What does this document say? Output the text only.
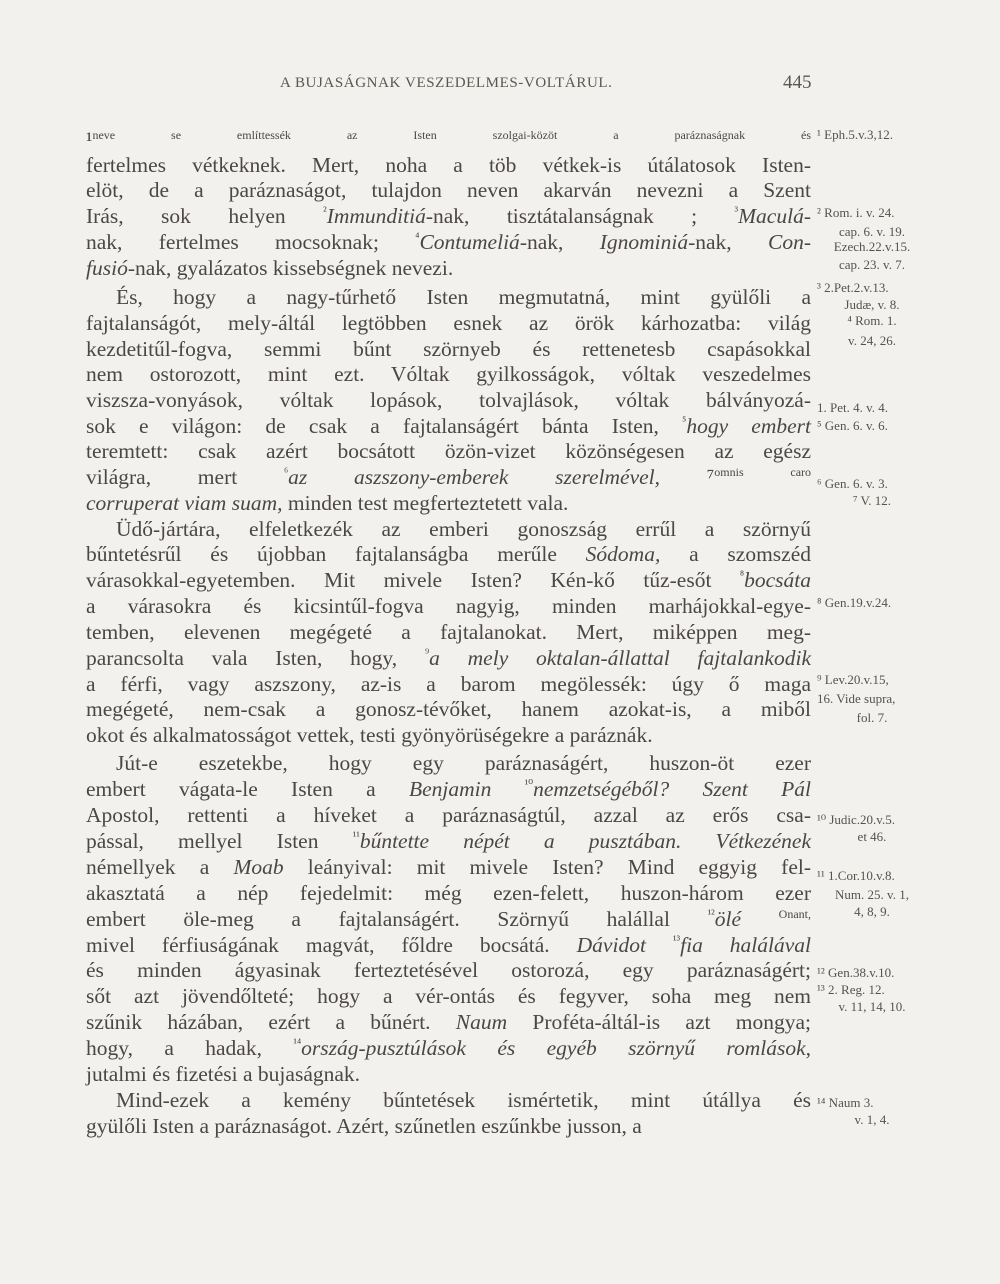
A BUJASÁGNAK VESZEDELMES-VOLTÁRUL.	445
¹$^{neve se említtessék az Isten szolgai-közöt a paráznaságnak és}$
fertelmes vétkeknek. Mert, noha a töb vétkek-is útálatosok Isten-
elöt, de a paráznaságot, tulajdon neven akarván nevezni a Szent
Irás, sok helyen $^{^2}$Immunditiá-nak, tisztátalanságnak ; $^{^3}$Maculá-
nak, fertelmes mocsoknak; $^{^4}$Contumeliá-nak, Ignominiá-nak, Con-
fusió-nak, gyalázatos kissebségnek nevezi.
És, hogy a nagy-tűrhető Isten megmutatná, mint gyülőli a
fajtalanságót, mely-áltál legtöbben esnek az örök kárhozatba: világ
kezdetitűl-fogva, semmi bűnt szörnyeb és rettenetesb csapásokkal
nem ostorozott, mint ezt. Vóltak gyilkosságok, vóltak veszedelmes
viszsza-vonyások, vóltak lopások, tolvajlások, vóltak bálványozá-
sok e világon: de csak a fajtalanságért bánta Isten, $^{^5}$hogy embert
teremtett: csak azért bocsátott özön-vizet közönségesen az egész
világra, mert $^{^6}$az aszszony-emberek szerelmével, ⁷$^{omnis}$	$^{caro}$
corruperat viam suam, minden test megferteztetett vala.
Üdő-jártára, elfeletkezék az emberi gonoszság errűl a szörnyű
bűntetésrűl és újobban fajtalanságba merűle Sódoma, a szomszéd
várasokkal-egyetemben. Mit mivele Isten? Kén-kő tűz-esőt $^{^8}$bocsáta
a várasokra és kicsintűl-fogva nagyig, minden marhájokkal-egye-
temben, elevenen megégeté a fajtalanokat. Mert, miképpen meg-
parancsolta vala Isten, hogy, $^{^9}$a mely oktalan-állattal fajtalankodik
a férfi, vagy aszszony, az-is a barom megölessék: úgy ő maga
megégeté, nem-csak a gonosz-tévőket, hanem azokat-is, a miből
okot és alkalmatosságot vettek, testi gyönyörüségekre a paráznák.
Jút-e eszetekbe, hogy egy paráznaságért, huszon-öt ezer
embert vágata-le Isten a Benjamin	$^{^{10}}$nemzetségéből? Szent Pál
Apostol, rettenti a híveket a paráznaságtúl, azzal az erős csa-
pással, mellyel Isten $^{^{11}}$bűntette népét a pusztában. Vétkezének
némellyek a Moab leányival: mit mivele Isten? Mind eggyig fel-
akasztatá a nép fejedelmit: még ezen-felett, huszon-három ezer
embert öle-meg a fajtalanságért. Szörnyű halállal $^{^{12}}$ölé $^{Onant,}$
mivel férfiuságának magvát, főldre bocsátá. Dávidot $^{^{13}}$fia halálával
és minden ágyasinak ferteztetésével ostorozá, egy paráznaságért;
sőt azt jövendőlteté; hogy a vér-ontás és fegyver, soha meg nem
szűnik házában, ezért a bűnért. Naum Proféta-áltál-is azt mongya;
hogy, a hadak, $^{^{14}}$ország-pusztúlások és egyéb szörnyű romlások,
jutalmi és fizetési a bujaságnak.
Mind-ezek a kemény bűntetések ismértetik, mint útállya és
gyülőli Isten a paráznaságot. Azért, szűnetlen eszűnkbe jusson, a
¹ Eph.5.v.3,12.
² Rom. i. v. 24.
cap. 6. v. 19.
Ezech.22.v.15.
cap. 23. v. 7.
³ 2.Pet.2.v.13.
Judæ, v. 8.
⁴ Rom. 1.
v. 24, 26.
1. Pet. 4. v. 4.
⁵ Gen. 6. v. 6.
⁶ Gen. 6. v. 3.
⁷ V. 12.
⁸ Gen.19.v.24.
⁹ Lev.20.v.15,
16. Vide supra,
fol. 7.
¹⁰ Judic.20.v.5.
et 46.
¹¹ 1.Cor.10.v.8.
Num. 25. v. 1,
4, 8, 9.
¹² Gen.38.v.10.
¹³ 2. Reg. 12.
v. 11, 14, 10.
¹⁴ Naum 3.
v. 1, 4.
